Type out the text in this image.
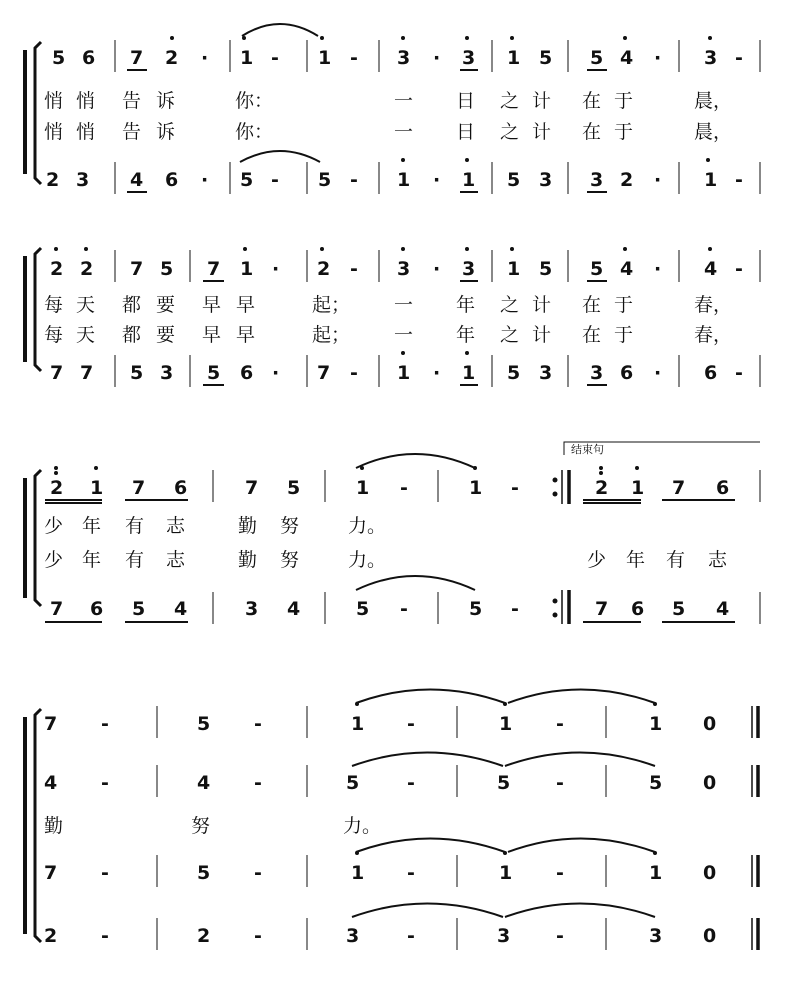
5 6 7 2 · 1 - 1 - 3 · 3 1 5 5 4 · 3 -
悄 悄 告 诉	你：	一 日 之 计 在 于	晨，
悄 悄 告 诉	你：	一 日 之 计 在 于	晨，
2 3 4 6 · 5 - 5 - 1 · 1 5 3 3 2 · 1 -
2 2 7 5 7 1 · 2 - 3 · 3 1 5 5 4 · 4 -
每 天 都 要 早 早	起； 一 年 之 计 在 于	春，
每 天 都 要 早 早	起； 一 年 之 计 在 于	春，
7 7 5 3 5 6 · 7 - 1 · 1 5 3 3 6 · 6 -
结束句
2 1 7 6	7 5	1 -	1 -	2 1 7 6
少 年 有 志	勤 努	力。
少 年 有 志	勤 努	力。	少 年 有 志
7 6 5 4	3 4	5 -	5 -	7 6 5 4
7 -	5 -	1 -	1 -	1 0
4 -	4 -	5	-	5 -	5 0
勤	努	力。
7 -	5 -	1 -	1 -	1 0
2 -	2 -	3	-	3 -	3 0
